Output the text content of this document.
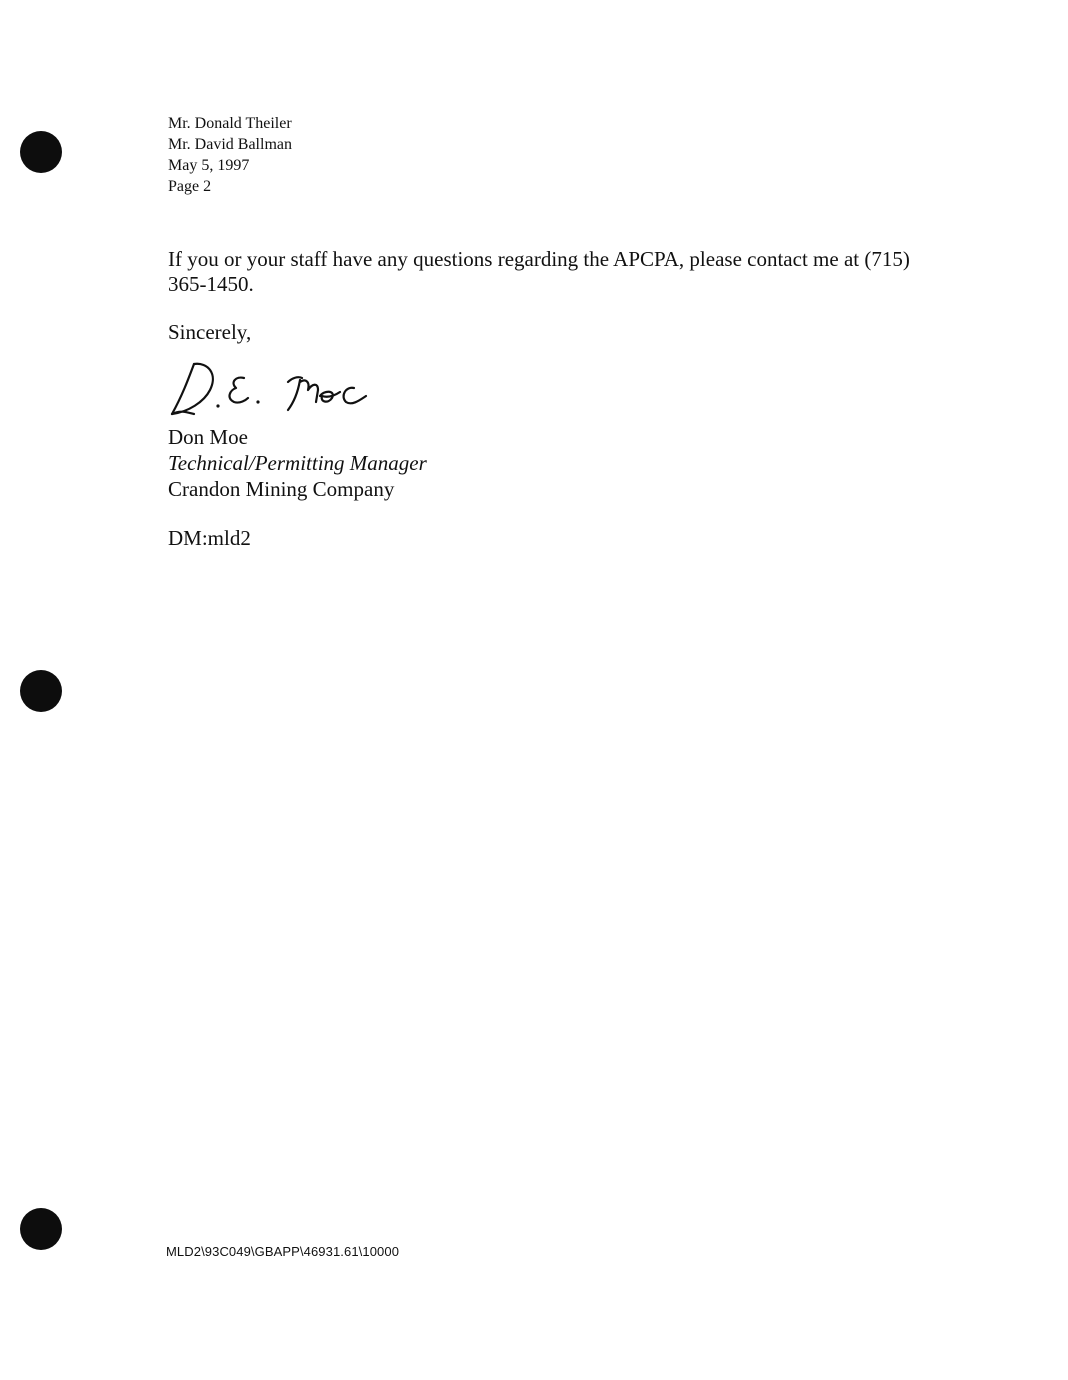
Mr. Donald Theiler
Mr. David Ballman
May 5, 1997
Page 2
If you or your staff have any questions regarding the APCPA, please contact me at (715) 365-1450.
Sincerely,
Don Moe
Technical/Permitting Manager
Crandon Mining Company
DM:mld2
MLD2\93C049\GBAPP\46931.61\10000
